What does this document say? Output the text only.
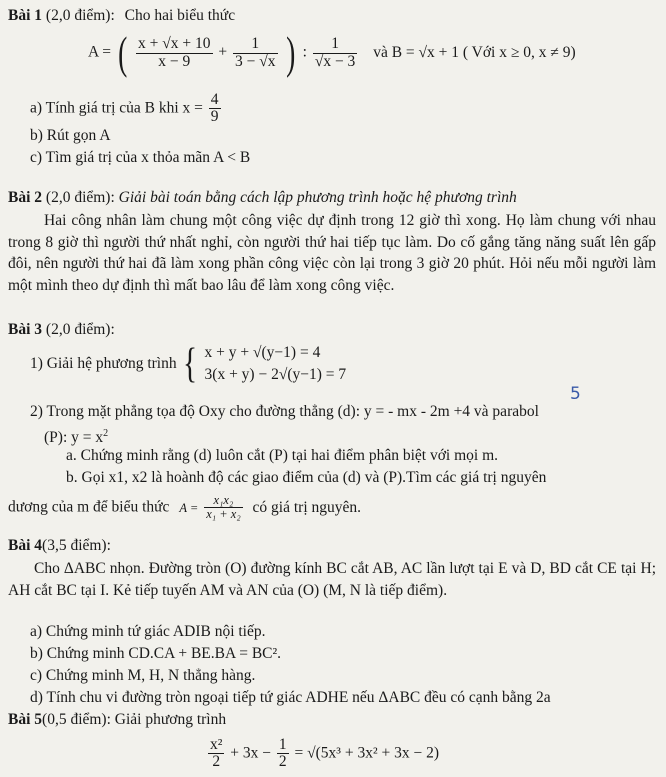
Bài 1 (2,0 điểm): Cho hai biểu thức
A = ( $\frac{x + √x + 10}{x - 9} + \frac{1}{3 - √x}$ ) : $\frac{1}{√x - 3}$ và B = √x + 1 ( Với x ≥ 0, x ≠ 9)
a) Tính giá trị của B khi $x = \frac{4}{9}$
b) Rút gọn A
c) Tìm giá trị của x thỏa mãn A < B
Bài 2 (2,0 điểm): Giải bài toán bằng cách lập phương trình hoặc hệ phương trình
Hai công nhân làm chung một công việc dự định trong 12 giờ thì xong. Họ làm chung với nhau trong 8 giờ thì người thứ nhất nghỉ, còn người thứ hai tiếp tục làm. Do cố gắng tăng năng suất lên gấp đôi, nên người thứ hai đã làm xong phần công việc còn lại trong 3 giờ 20 phút. Hỏi nếu mỗi người làm một mình theo dự định thì mất bao lâu để làm xong công việc.
Bài 3 (2,0 điểm):
1) Giải hệ phương trình { x + y + √(y−1) = 4
3(x + y) − 2√(y−1) = 7
5
2) Trong mặt phẳng tọa độ Oxy cho đường thẳng (d): y = - mx - 2m +4 và parabol
(P): $y = x^2$
a. Chứng minh rằng (d) luôn cắt (P) tại hai điểm phân biệt với mọi m.
b. Gọi x1, x2 là hoành độ các giao điểm của (d) và (P).Tìm các giá trị nguyên
dương của m để biểu thức $A = \frac{\text{x₁x₂}}{\text{x₁ + x₂}}$ có giá trị nguyên.
Bài 4(3,5 điểm):
Cho ΔABC nhọn. Đường tròn (O) đường kính BC cắt AB, AC lần lượt tại E và D, BD cắt CE tại H; AH cắt BC tại I. Kẻ tiếp tuyến AM và AN của (O) (M, N là tiếp điểm).
a) Chứng minh tứ giác ADIB nội tiếp.
b) Chứng minh CD.CA + BE.BA = BC².
c) Chứng minh M, H, N thẳng hàng.
d) Tính chu vi đường tròn ngoại tiếp tứ giác ADHE nếu ΔABC đều có cạnh bằng 2a
Bài 5(0,5 điểm): Giải phương trình
$\frac{\text{x²}}{2} + 3x - \frac{1}{2} = √(5x^3 + 3x^2 + 3x - 2)$
